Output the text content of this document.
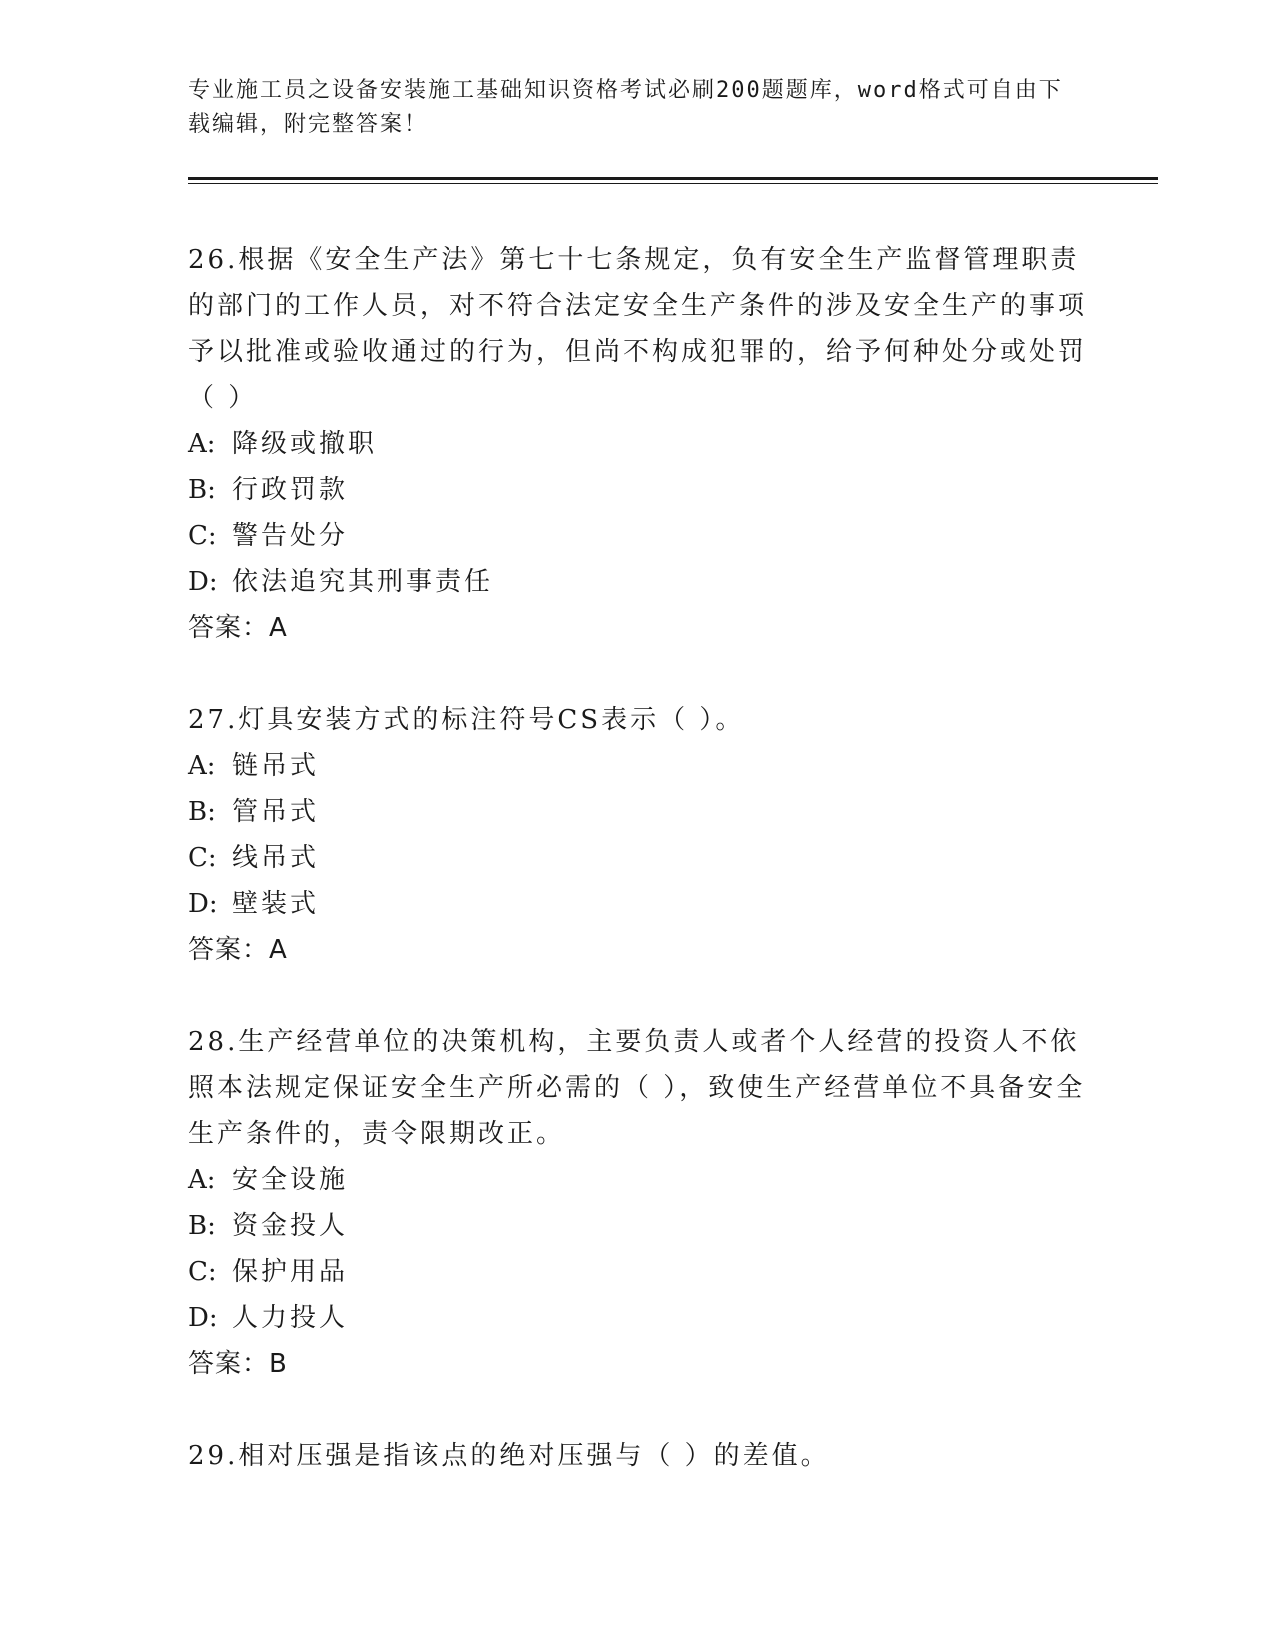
专业施工员之设备安装施工基础知识资格考试必刷200题题库，word格式可自由下载编辑，附完整答案！
26.根据《安全生产法》第七十七条规定，负有安全生产监督管理职责的部门的工作人员，对不符合法定安全生产条件的涉及安全生产的事项予以批准或验收通过的行为，但尚不构成犯罪的，给予何种处分或处罚（ ）
A: 降级或撤职
B: 行政罚款
C: 警告处分
D: 依法追究其刑事责任
答案：A
27.灯具安装方式的标注符号CS表示（ ）。
A: 链吊式
B: 管吊式
C: 线吊式
D: 壁装式
答案：A
28.生产经营单位的决策机构，主要负责人或者个人经营的投资人不依照本法规定保证安全生产所必需的（ ），致使生产经营单位不具备安全生产条件的，责令限期改正。
A: 安全设施
B: 资金投人
C: 保护用品
D: 人力投人
答案：B
29.相对压强是指该点的绝对压强与（ ）的差值。
